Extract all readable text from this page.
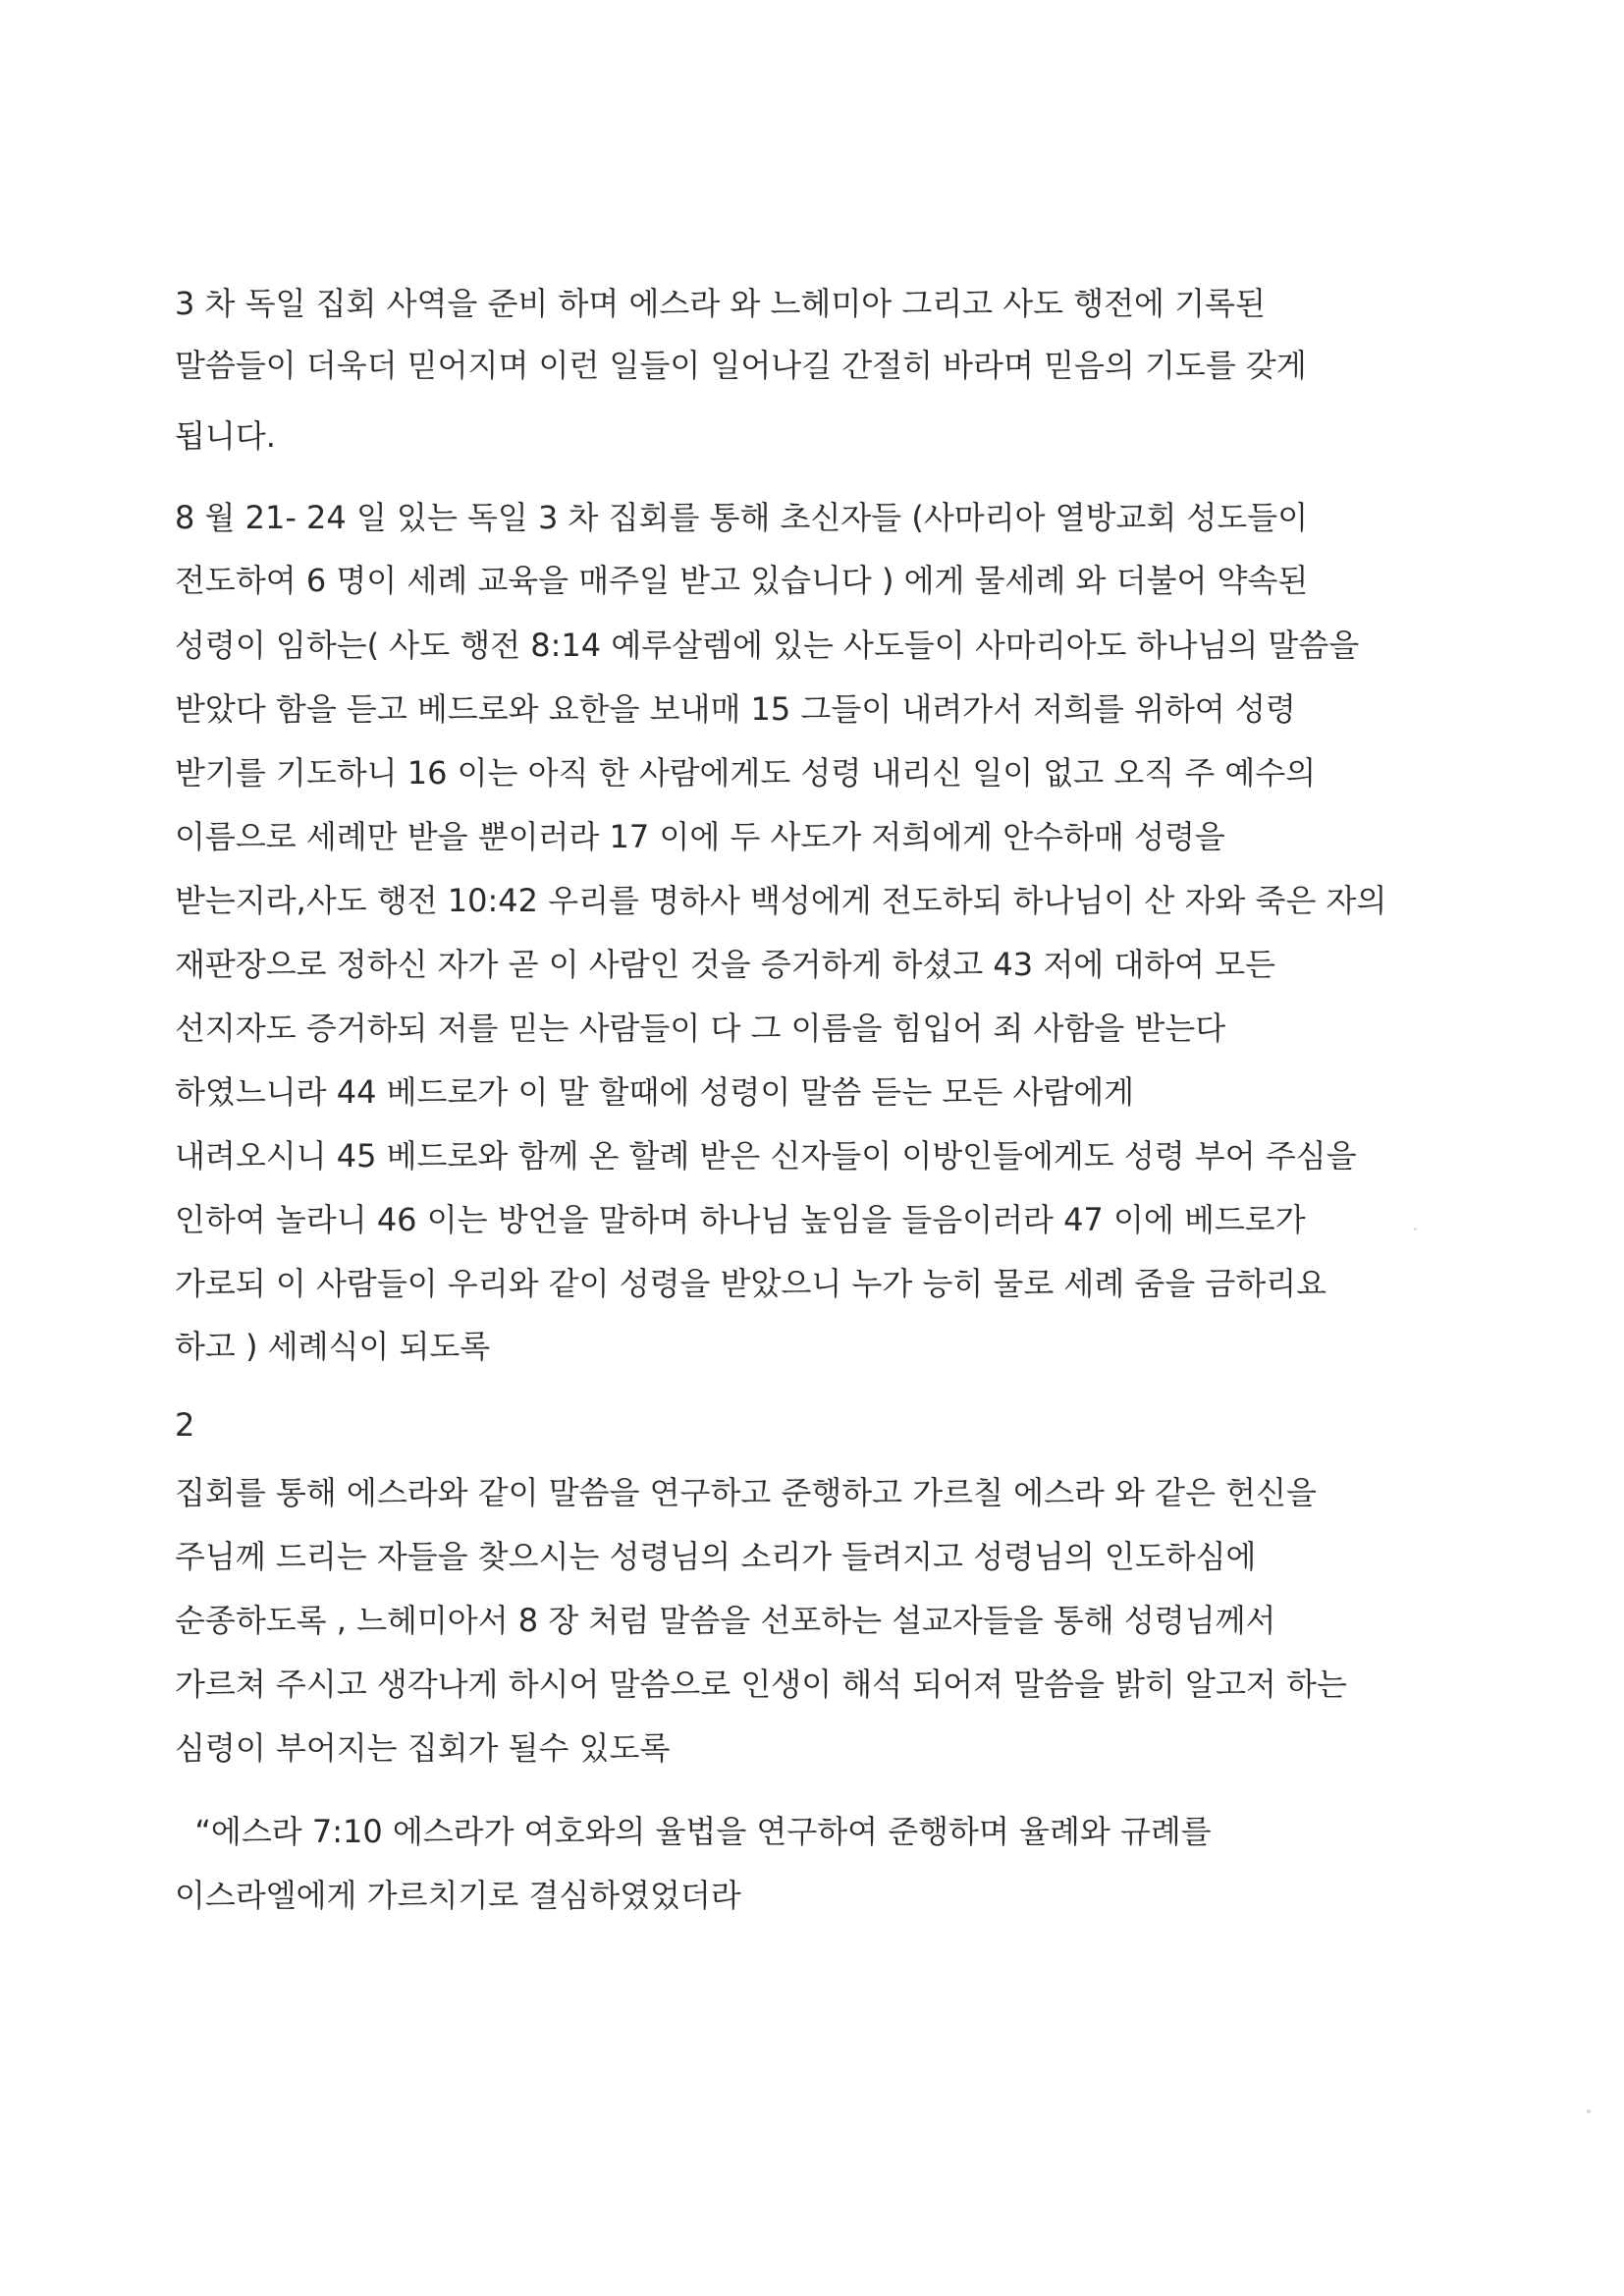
3 차 독일 집회 사역을 준비 하며 에스라 와 느헤미아 그리고 사도 행전에 기록된
말씀들이 더욱더 믿어지며 이런 일들이 일어나길 간절히 바라며 믿음의 기도를 갖게
됩니다.
8 월 21- 24 일 있는 독일 3 차 집회를 통해 초신자들 (사마리아 열방교회 성도들이
전도하여 6 명이 세례 교육을 매주일 받고 있습니다 ) 에게 물세례 와 더불어 약속된
성령이 임하는( 사도 행전 8:14 예루살렘에 있는 사도들이 사마리아도 하나님의 말씀을
받았다 함을 듣고 베드로와 요한을 보내매 15 그들이 내려가서 저희를 위하여 성령
받기를 기도하니 16 이는 아직 한 사람에게도 성령 내리신 일이 없고 오직 주 예수의
이름으로 세례만 받을 뿐이러라 17 이에 두 사도가 저희에게 안수하매 성령을
받는지라,사도 행전 10:42 우리를 명하사 백성에게 전도하되 하나님이 산 자와 죽은 자의
재판장으로 정하신 자가 곧 이 사람인 것을 증거하게 하셨고 43 저에 대하여 모든
선지자도 증거하되 저를 믿는 사람들이 다 그 이름을 힘입어 죄 사함을 받는다
하였느니라 44 베드로가 이 말 할때에 성령이 말씀 듣는 모든 사람에게
내려오시니 45 베드로와 함께 온 할례 받은 신자들이 이방인들에게도 성령 부어 주심을
인하여 놀라니 46 이는 방언을 말하며 하나님 높임을 들음이러라 47 이에 베드로가
가로되 이 사람들이 우리와 같이 성령을 받았으니 누가 능히 물로 세례 줌을 금하리요
하고 ) 세례식이 되도록
2
집회를 통해 에스라와 같이 말씀을 연구하고 준행하고 가르칠 에스라 와 같은 헌신을
주님께 드리는 자들을 찾으시는 성령님의 소리가 들려지고 성령님의 인도하심에
순종하도록 , 느헤미아서 8 장 처럼 말씀을 선포하는 설교자들을 통해 성령님께서
가르쳐 주시고 생각나게 하시어 말씀으로 인생이 해석 되어져 말씀을 밝히 알고저 하는
심령이 부어지는 집회가 될수 있도록
“에스라 7:10 에스라가 여호와의 율법을 연구하여 준행하며 율례와 규례를
이스라엘에게 가르치기로 결심하였었더라
